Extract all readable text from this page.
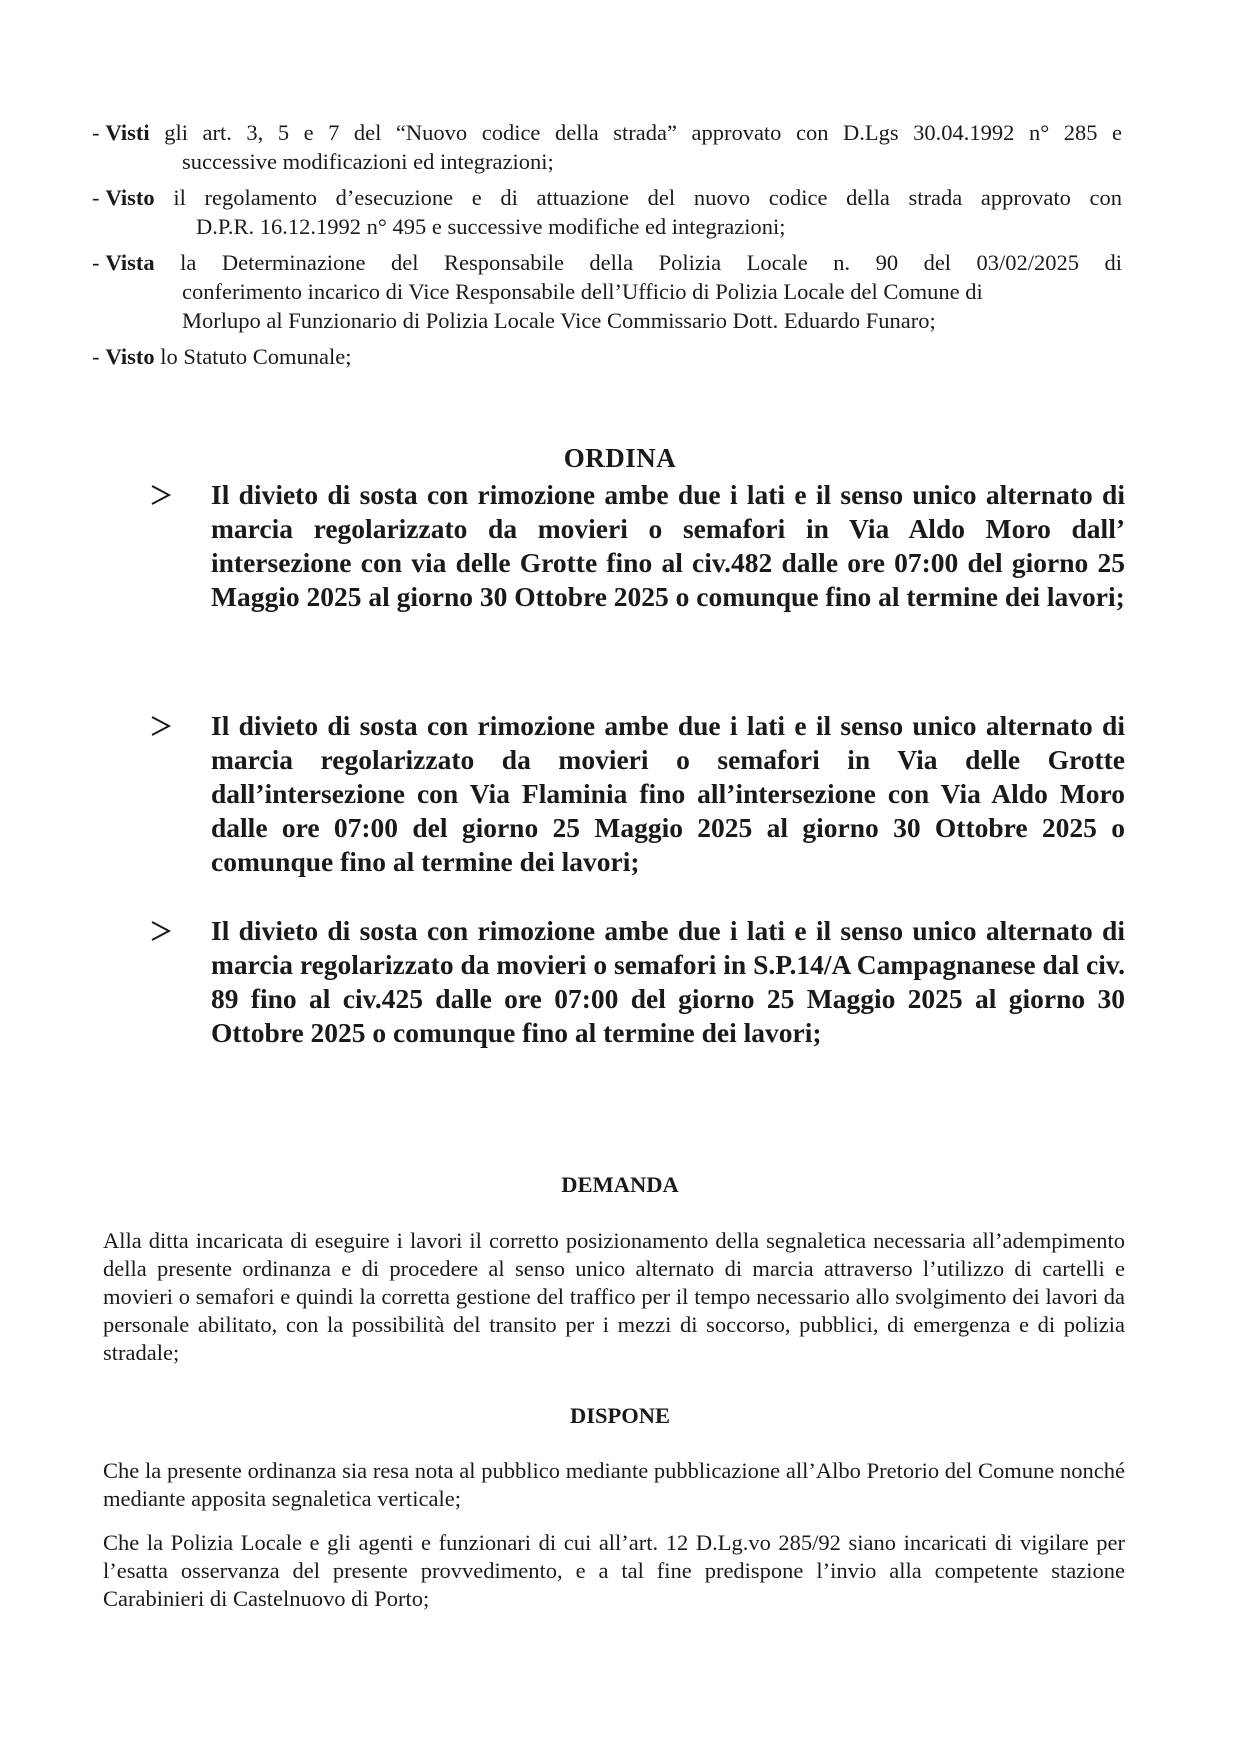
- Visti gli art. 3, 5 e 7 del “Nuovo codice della strada” approvato con D.Lgs 30.04.1992 n° 285 e
successive modificazioni ed integrazioni;
- Visto il regolamento d’esecuzione e di attuazione del nuovo codice della strada approvato con
D.P.R. 16.12.1992 n° 495 e successive modifiche ed integrazioni;
- Vista la Determinazione del Responsabile della Polizia Locale n. 90 del 03/02/2025 di
conferimento incarico di Vice Responsabile dell’Ufficio di Polizia Locale del Comune di
Morlupo al Funzionario di Polizia Locale Vice Commissario Dott. Eduardo Funaro;
- Visto lo Statuto Comunale;
ORDINA
Il divieto di sosta con rimozione ambe due i lati e il senso unico alternato di marcia regolarizzato da movieri o semafori in Via Aldo Moro dall’ intersezione con via delle Grotte fino al civ.482 dalle ore 07:00 del giorno 25 Maggio 2025 al giorno 30 Ottobre 2025 o comunque fino al termine dei lavori;
Il divieto di sosta con rimozione ambe due i lati e il senso unico alternato di marcia regolarizzato da movieri o semafori in Via delle Grotte dall’intersezione con Via Flaminia fino all’intersezione con Via Aldo Moro dalle ore 07:00 del giorno 25 Maggio 2025 al giorno 30 Ottobre 2025 o comunque fino al termine dei lavori;
Il divieto di sosta con rimozione ambe due i lati e il senso unico alternato di marcia regolarizzato da movieri o semafori in S.P.14/A Campagnanese dal civ. 89 fino al civ.425 dalle ore 07:00 del giorno 25 Maggio 2025 al giorno 30 Ottobre 2025 o comunque fino al termine dei lavori;
DEMANDA

Alla ditta incaricata di eseguire i lavori il corretto posizionamento della segnaletica necessaria all’adempimento della presente ordinanza e di procedere al senso unico alternato di marcia attraverso l’utilizzo di cartelli e movieri o semafori e quindi la corretta gestione del traffico per il tempo necessario allo svolgimento dei lavori da personale abilitato, con la possibilità del transito per i mezzi di soccorso, pubblici, di emergenza e di polizia stradale;

DISPONE

Che la presente ordinanza sia resa nota al pubblico mediante pubblicazione all’Albo Pretorio del Comune nonché mediante apposita segnaletica verticale;

Che la Polizia Locale e gli agenti e funzionari di cui all’art. 12 D.Lg.vo 285/92 siano incaricati di vigilare per l’esatta osservanza del presente provvedimento, e a tal fine predispone l’invio alla competente stazione Carabinieri di Castelnuovo di Porto;
